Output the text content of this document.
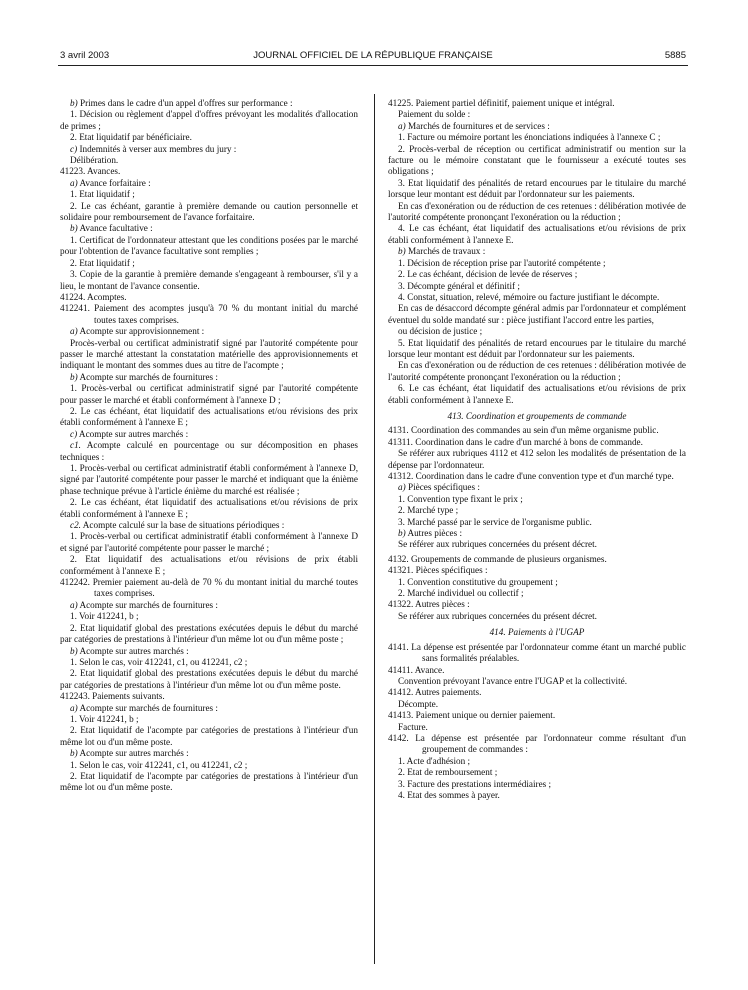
3 avril 2003	JOURNAL OFFICIEL DE LA RÉPUBLIQUE FRANÇAISE	5885

b) Primes dans le cadre d'un appel d'offres sur performance :

1. Décision ou règlement d'appel d'offres prévoyant les modalités d'allocation de primes ;

2. Etat liquidatif par bénéficiaire.

c) Indemnités à verser aux membres du jury :

Délibération.

41223. Avances.

a) Avance forfaitaire :

1. Etat liquidatif ;

2. Le cas échéant, garantie à première demande ou caution personnelle et solidaire pour remboursement de l'avance forfaitaire.

b) Avance facultative :

1. Certificat de l'ordonnateur attestant que les conditions posées par le marché pour l'obtention de l'avance facultative sont remplies ;

2. Etat liquidatif ;

3. Copie de la garantie à première demande s'engageant à rembourser, s'il y a lieu, le montant de l'avance consentie.

41224. Acomptes.

412241. Paiement des acomptes jusqu'à 70 % du montant initial du marché toutes taxes comprises.

a) Acompte sur approvisionnement :

Procès-verbal ou certificat administratif signé par l'autorité compétente pour passer le marché attestant la constatation matérielle des approvisionnements et indiquant le montant des sommes dues au titre de l'acompte ;

b) Acompte sur marchés de fournitures :

1. Procès-verbal ou certificat administratif signé par l'autorité compétente pour passer le marché et établi conformément à l'annexe D ;

2. Le cas échéant, état liquidatif des actualisations et/ou révisions des prix établi conformément à l'annexe E ;

c) Acompte sur autres marchés :

c1. Acompte calculé en pourcentage ou sur décomposition en phases techniques :

1. Procès-verbal ou certificat administratif établi conformément à l'annexe D, signé par l'autorité compétente pour passer le marché et indiquant que la énième phase technique prévue à l'article énième du marché est réalisée ;

2. Le cas échéant, état liquidatif des actualisations et/ou révisions de prix établi conformément à l'annexe E ;

c2. Acompte calculé sur la base de situations périodiques :

1. Procès-verbal ou certificat administratif établi conformément à l'annexe D et signé par l'autorité compétente pour passer le marché ;

2. Etat liquidatif des actualisations et/ou révisions de prix établi conformément à l'annexe E ;

412242. Premier paiement au-delà de 70 % du montant initial du marché toutes taxes comprises.

a) Acompte sur marchés de fournitures :

1. Voir 412241, b ;

2. Etat liquidatif global des prestations exécutées depuis le début du marché par catégories de prestations à l'intérieur d'un même lot ou d'un même poste ;

b) Acompte sur autres marchés :

1. Selon le cas, voir 412241, c1, ou 412241, c2 ;

2. Etat liquidatif global des prestations exécutées depuis le début du marché par catégories de prestations à l'intérieur d'un même lot ou d'un même poste.

412243. Paiements suivants.

a) Acompte sur marchés de fournitures :

1. Voir 412241, b ;

2. Etat liquidatif de l'acompte par catégories de prestations à l'intérieur d'un même lot ou d'un même poste.

b) Acompte sur autres marchés :

1. Selon le cas, voir 412241, c1, ou 412241, c2 ;

2. Etat liquidatif de l'acompte par catégories de prestations à l'intérieur d'un même lot ou d'un même poste.

41225. Paiement partiel définitif, paiement unique et intégral.

Paiement du solde :

a) Marchés de fournitures et de services :

1. Facture ou mémoire portant les énonciations indiquées à l'annexe C ;

2. Procès-verbal de réception ou certificat administratif ou mention sur la facture ou le mémoire constatant que le fournisseur a exécuté toutes ses obligations ;

3. Etat liquidatif des pénalités de retard encourues par le titulaire du marché lorsque leur montant est déduit par l'ordonnateur sur les paiements.

En cas d'exonération ou de réduction de ces retenues : délibération motivée de l'autorité compétente prononçant l'exonération ou la réduction ;

4. Le cas échéant, état liquidatif des actualisations et/ou révisions de prix établi conformément à l'annexe E.

b) Marchés de travaux :

1. Décision de réception prise par l'autorité compétente ;

2. Le cas échéant, décision de levée de réserves ;

3. Décompte général et définitif ;

4. Constat, situation, relevé, mémoire ou facture justifiant le décompte.

En cas de désaccord décompte général admis par l'ordonnateur et complément éventuel du solde mandaté sur : pièce justifiant l'accord entre les parties,

ou décision de justice ;

5. Etat liquidatif des pénalités de retard encourues par le titulaire du marché lorsque leur montant est déduit par l'ordonnateur sur les paiements.

En cas d'exonération ou de réduction de ces retenues : délibération motivée de l'autorité compétente prononçant l'exonération ou la réduction ;

6. Le cas échéant, état liquidatif des actualisations et/ou révisions de prix établi conformément à l'annexe E.

413. Coordination et groupements de commande

4131. Coordination des commandes au sein d'un même organisme public.

41311. Coordination dans le cadre d'un marché à bons de commande.

Se référer aux rubriques 4112 et 412 selon les modalités de présentation de la dépense par l'ordonnateur.

41312. Coordination dans le cadre d'une convention type et d'un marché type.

a) Pièces spécifiques :

1. Convention type fixant le prix ;

2. Marché type ;

3. Marché passé par le service de l'organisme public.

b) Autres pièces :

Se référer aux rubriques concernées du présent décret.

4132. Groupements de commande de plusieurs organismes.

41321. Pièces spécifiques :

1. Convention constitutive du groupement ;

2. Marché individuel ou collectif ;

41322. Autres pièces :

Se référer aux rubriques concernées du présent décret.

414. Paiements à l'UGAP

4141. La dépense est présentée par l'ordonnateur comme étant un marché public sans formalités préalables.

41411. Avance.

Convention prévoyant l'avance entre l'UGAP et la collectivité.

41412. Autres paiements.

Décompte.

41413. Paiement unique ou dernier paiement.

Facture.

4142. La dépense est présentée par l'ordonnateur comme résultant d'un groupement de commandes :

1. Acte d'adhésion ;

2. Etat de remboursement ;

3. Facture des prestations intermédiaires ;

4. Etat des sommes à payer.
